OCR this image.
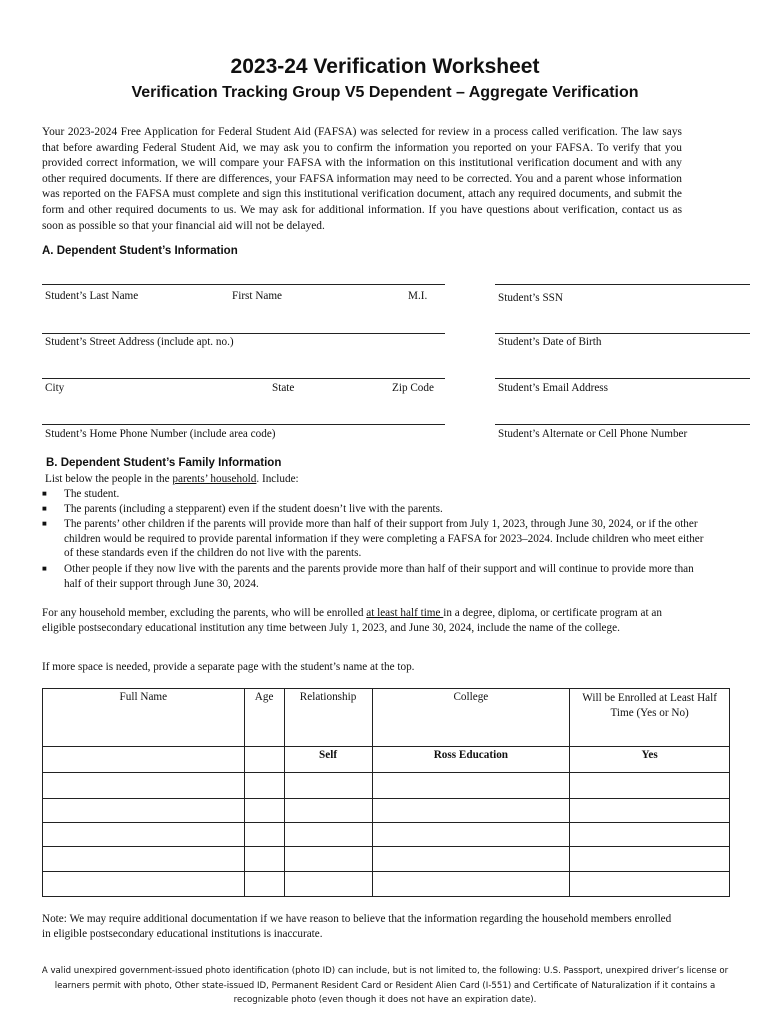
2023-24 Verification Worksheet
Verification Tracking Group V5 Dependent – Aggregate Verification
Your 2023-2024 Free Application for Federal Student Aid (FAFSA) was selected for review in a process called verification. The law says that before awarding Federal Student Aid, we may ask you to confirm the information you reported on your FAFSA. To verify that you provided correct information, we will compare your FAFSA with the information on this institutional verification document and with any other required documents. If there are differences, your FAFSA information may need to be corrected. You and a parent whose information was reported on the FAFSA must complete and sign this institutional verification document, attach any required documents, and submit the form and other required documents to us. We may ask for additional information. If you have questions about verification, contact us as soon as possible so that your financial aid will not be delayed.
A. Dependent Student’s Information
Student’s Last Name	First Name	M.I.	Student’s SSN
Student’s Street Address (include apt. no.)	Student’s Date of Birth
City	State	Zip Code	Student’s Email Address
Student’s Home Phone Number (include area code)	Student’s Alternate or Cell Phone Number
B. Dependent Student’s Family Information
List below the people in the parents’ household. Include:
■ The student.
■ The parents (including a stepparent) even if the student doesn’t live with the parents.
■ The parents’ other children if the parents will provide more than half of their support from July 1, 2023, through June 30, 2024, or if the other children would be required to provide parental information if they were completing a FAFSA for 2023–2024. Include children who meet either of these standards even if the children do not live with the parents.
■ Other people if they now live with the parents and the parents provide more than half of their support and will continue to provide more than half of their support through June 30, 2024.
For any household member, excluding the parents, who will be enrolled at least half time in a degree, diploma, or certificate program at an eligible postsecondary educational institution any time between July 1, 2023, and June 30, 2024, include the name of the college.
If more space is needed, provide a separate page with the student’s name at the top.
Full Name	Age	Relationship	College	Will be Enrolled at Least Half Time (Yes or No)
		Self	Ross Education	Yes

Note: We may require additional documentation if we have reason to believe that the information regarding the household members enrolled in eligible postsecondary educational institutions is inaccurate.
A valid unexpired government-issued photo identification (photo ID) can include, but is not limited to, the following: U.S. Passport, unexpired driver’s license or learners permit with photo, Other state-issued ID, Permanent Resident Card or Resident Alien Card (I-551) and Certificate of Naturalization if it contains a recognizable photo (even though it does not have an expiration date).
